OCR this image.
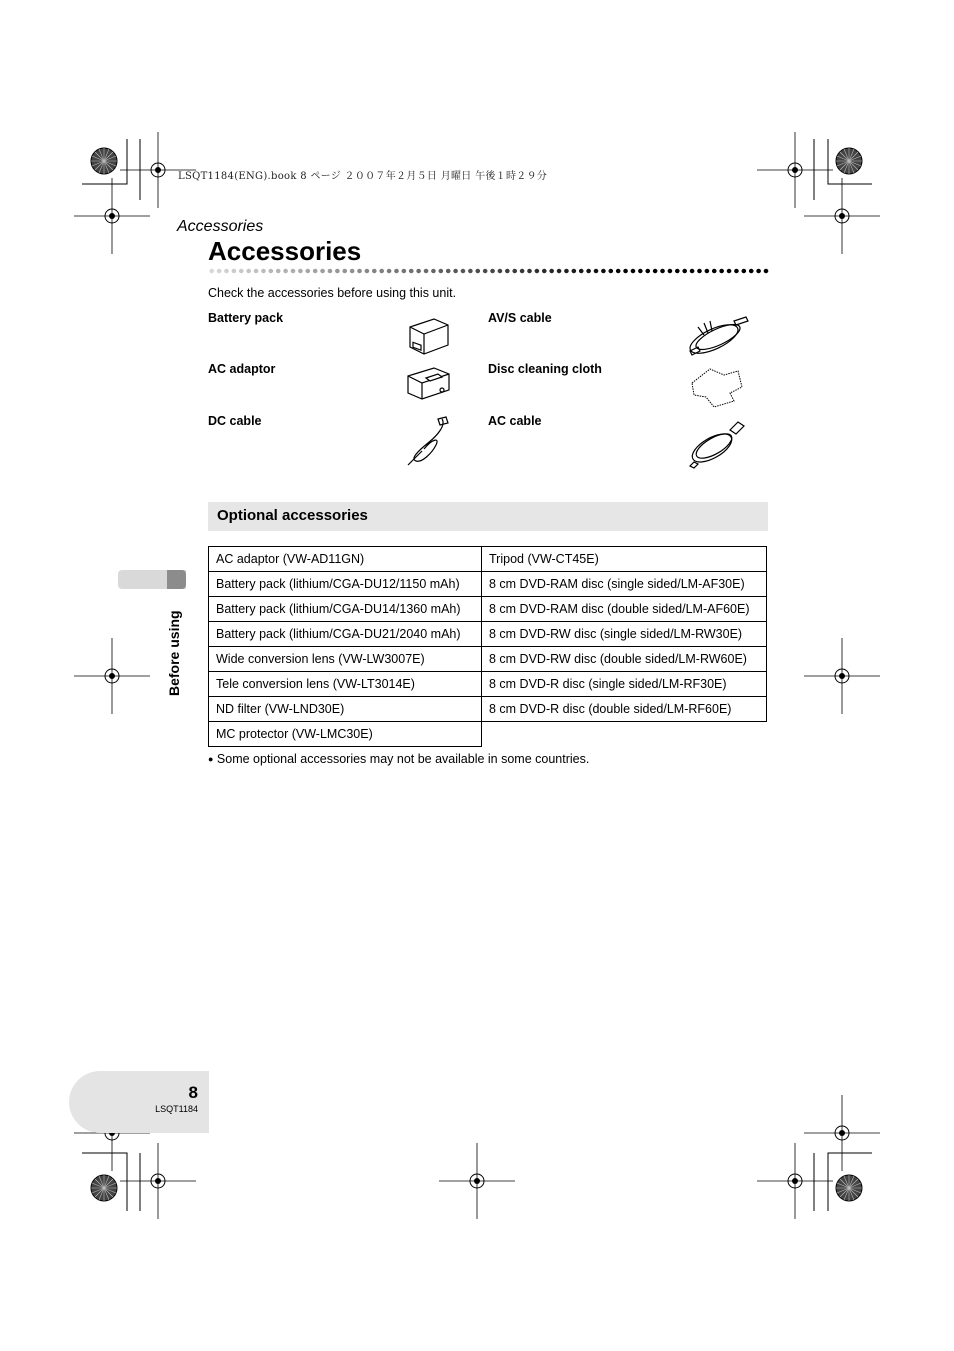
LSQT1184(ENG).book 8 ページ ２００７年２月５日 月曜日 午後１時２９分
Accessories
Accessories
Check the accessories before using this unit.
Battery pack	AV/S cable
AC adaptor	Disc cleaning cloth
DC cable	AC cable
Optional accessories
AC adaptor (VW-AD11GN)	Tripod (VW-CT45E)
Battery pack (lithium/CGA-DU12/1150 mAh)	8 cm DVD-RAM disc (single sided/LM-AF30E)
Battery pack (lithium/CGA-DU14/1360 mAh)	8 cm DVD-RAM disc (double sided/LM-AF60E)
Battery pack (lithium/CGA-DU21/2040 mAh)	8 cm DVD-RW disc (single sided/LM-RW30E)
Wide conversion lens (VW-LW3007E)	8 cm DVD-RW disc (double sided/LM-RW60E)
Tele conversion lens (VW-LT3014E)	8 cm DVD-R disc (single sided/LM-RF30E)
ND filter (VW-LND30E)	8 cm DVD-R disc (double sided/LM-RF60E)
MC protector (VW-LMC30E)	
● Some optional accessories may not be available in some countries.
Before using
8
LSQT1184
